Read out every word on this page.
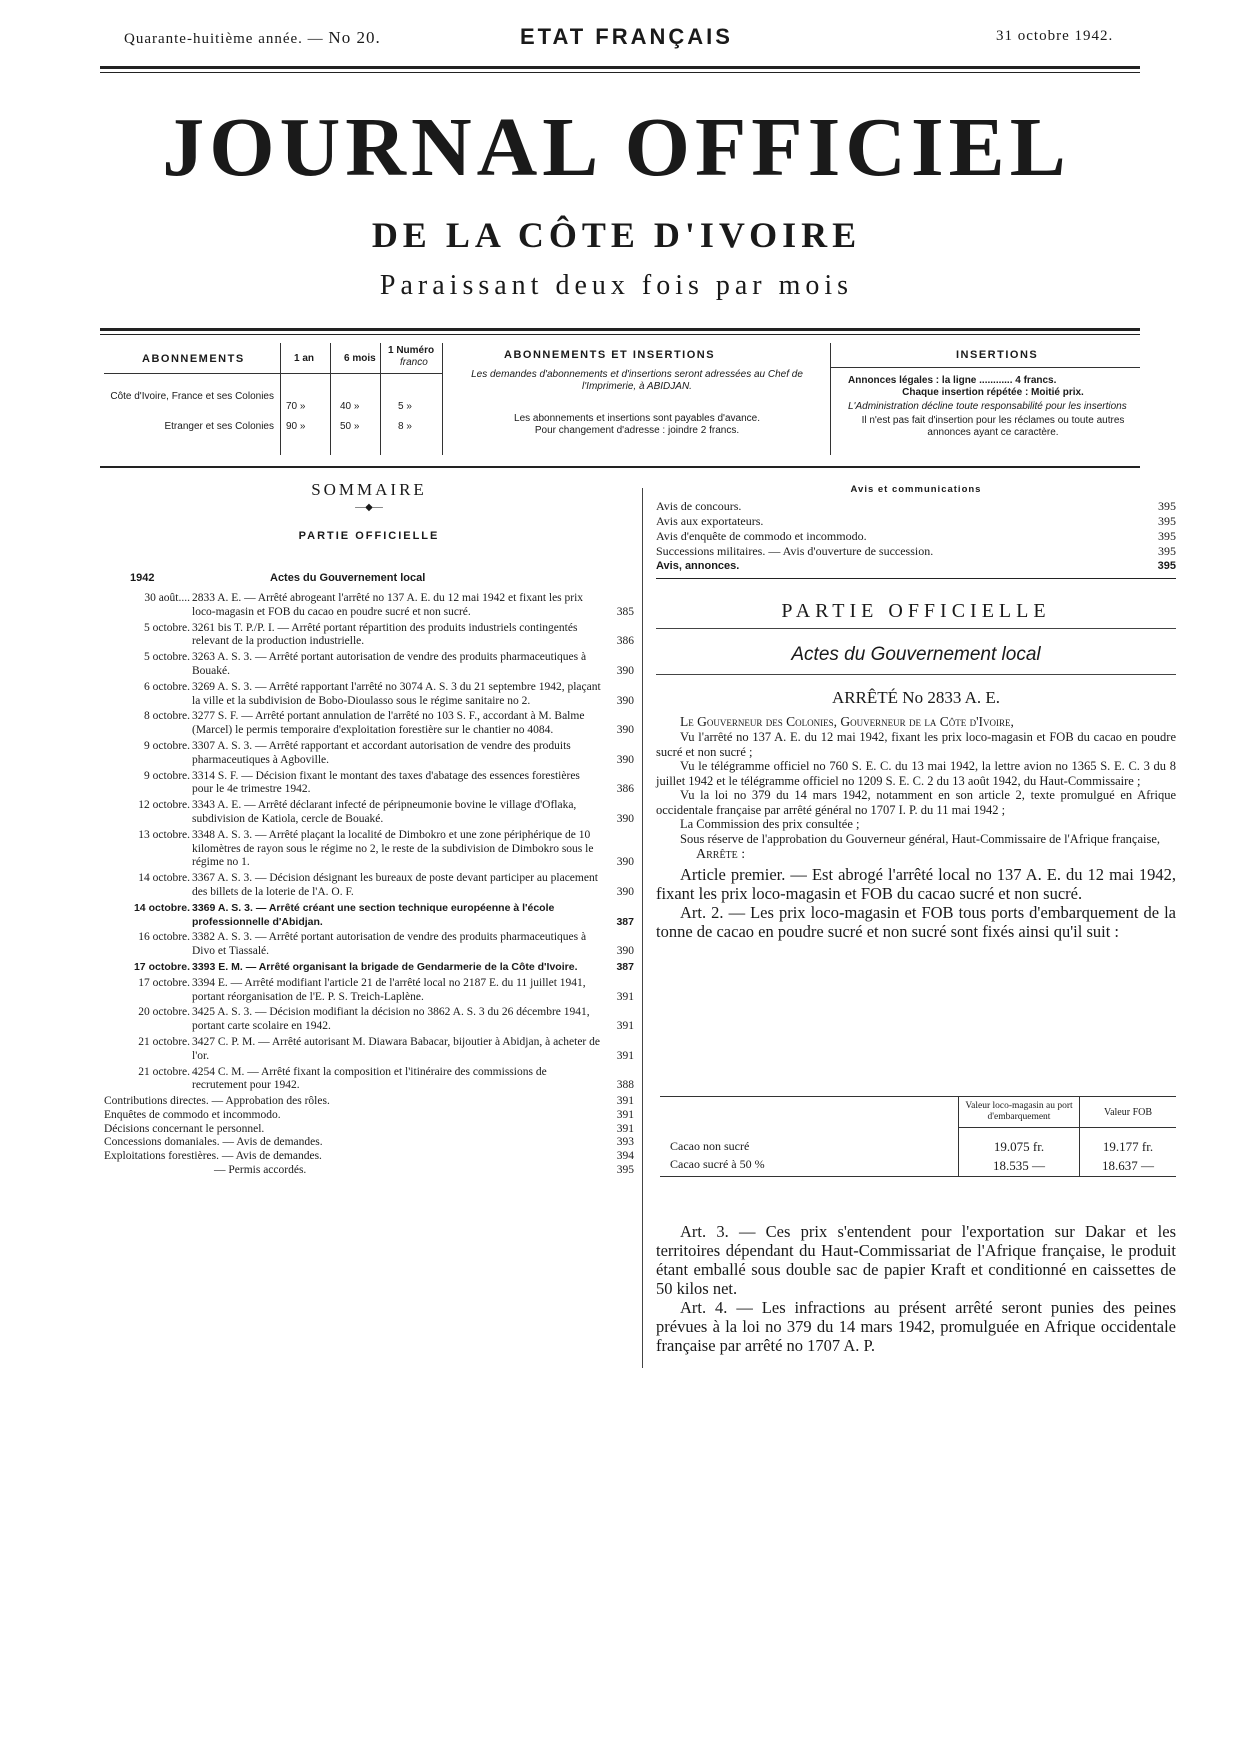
Quarante-huitième année. — No 20.	ETAT FRANÇAIS	31 octobre 1942.
JOURNAL OFFICIEL
DE LA CÔTE D'IVOIRE
Paraissant deux fois par mois
ABONNEMENTS	1 an	6 mois
1 Numéro
franco
Côte d'Ivoire, France et ses Colonies
70 »	40 »	5 »
Etranger et ses Colonies 90 »	50 »	8 »
ABONNEMENTS ET INSERTIONS
Les demandes d'abonnements et d'insertions seront adressées au Chef de l'Imprimerie, à ABIDJAN.
Les abonnements et insertions sont payables d'avance.
Pour changement d'adresse : joindre 2 francs.
INSERTIONS
Annonces légales : la ligne ............ 4 francs.
Chaque insertion répétée : Moitié prix.
L'Administration décline toute responsabilité pour les insertions
Il n'est pas fait d'insertion pour les réclames ou toute autres annonces ayant ce caractère.
SOMMAIRE
—◆—
PARTIE OFFICIELLE
1942	Actes du Gouvernement local
30 août.... 2833 A. E. — Arrêté abrogeant l'arrêté no 137 A. E. du 12 mai 1942 et fixant les prix loco-magasin et FOB du cacao en poudre sucré et non sucré.	385
5 octobre. 3261 bis T. P./P. I. — Arrêté portant répartition des produits industriels contingentés relevant de la production industrielle.	386
5 octobre. 3263 A. S. 3. — Arrêté portant autorisation de vendre des produits pharmaceutiques à Bouaké.	390
6 octobre. 3269 A. S. 3. — Arrêté rapportant l'arrêté no 3074 A. S. 3 du 21 septembre 1942, plaçant la ville et la subdivision de Bobo-Dioulasso sous le régime sanitaire no 2.	390
8 octobre. 3277 S. F. — Arrêté portant annulation de l'arrêté no 103 S. F., accordant à M. Balme (Marcel) le permis temporaire d'exploitation forestière sur le chantier no 4084.	390
9 octobre. 3307 A. S. 3. — Arrêté rapportant et accordant autorisation de vendre des produits pharmaceutiques à Agboville.	390
9 octobre. 3314 S. F. — Décision fixant le montant des taxes d'abatage des essences forestières pour le 4e trimestre 1942.	386
12 octobre. 3343 A. E. — Arrêté déclarant infecté de péripneumonie bovine le village d'Oflaka, subdivision de Katiola, cercle de Bouaké.	390
13 octobre. 3348 A. S. 3. — Arrêté plaçant la localité de Dimbokro et une zone périphérique de 10 kilomètres de rayon sous le régime no 2, le reste de la subdivision de Dimbokro sous le régime no 1.	390
14 octobre. 3367 A. S. 3. — Décision désignant les bureaux de poste devant participer au placement des billets de la loterie de l'A. O. F.	390
14 octobre. 3369 A. S. 3. — Arrêté créant une section technique européenne à l'école professionnelle d'Abidjan.	387
16 octobre. 3382 A. S. 3. — Arrêté portant autorisation de vendre des produits pharmaceutiques à Divo et Tiassalé.	390
17 octobre. 3393 E. M. — Arrêté organisant la brigade de Gendarmerie de la Côte d'Ivoire.	387
17 octobre. 3394 E. — Arrêté modifiant l'article 21 de l'arrêté local no 2187 E. du 11 juillet 1941, portant réorganisation de l'E. P. S. Treich-Laplène.	391
20 octobre. 3425 A. S. 3. — Décision modifiant la décision no 3862 A. S. 3 du 26 décembre 1941, portant carte scolaire en 1942.	391
21 octobre. 3427 C. P. M. — Arrêté autorisant M. Diawara Babacar, bijoutier à Abidjan, à acheter de l'or.	391
21 octobre. 4254 C. M. — Arrêté fixant la composition et l'itinéraire des commissions de recrutement pour 1942.	388
Contributions directes. — Approbation des rôles.	391
Enquêtes de commodo et incommodo.	391
Décisions concernant le personnel.	391
Concessions domaniales. — Avis de demandes.	393
Exploitations forestières. — Avis de demandes.	394
— Permis accordés.	395
Avis et communications
Avis de concours.	395
Avis aux exportateurs.	395
Avis d'enquête de commodo et incommodo.	395
Successions militaires. — Avis d'ouverture de succession.	395
Avis, annonces.	395
PARTIE OFFICIELLE
Actes du Gouvernement local
ARRÊTÉ No 2833 A. E.
Le Gouverneur des Colonies, Gouverneur de la Côte d'Ivoire,
Vu l'arrêté no 137 A. E. du 12 mai 1942, fixant les prix loco-magasin et FOB du cacao en poudre sucré et non sucré ;
Vu le télégramme officiel no 760 S. E. C. du 13 mai 1942, la lettre avion no 1365 S. E. C. 3 du 8 juillet 1942 et le télégramme officiel no 1209 S. E. C. 2 du 13 août 1942, du Haut-Commissaire ;
Vu la loi no 379 du 14 mars 1942, notamment en son article 2, texte promulgué en Afrique occidentale française par arrêté général no 1707 I. P. du 11 mai 1942 ;
La Commission des prix consultée ;
Sous réserve de l'approbation du Gouverneur général, Haut-Commissaire de l'Afrique française,
Arrête :
Article premier. — Est abrogé l'arrêté local no 137 A. E. du 12 mai 1942, fixant les prix loco-magasin et FOB du cacao sucré et non sucré.
Art. 2. — Les prix loco-magasin et FOB tous ports d'embarquement de la tonne de cacao en poudre sucré et non sucré sont fixés ainsi qu'il suit :
	Valeur loco-magasin au port d'embarquement	Valeur FOB

Cacao non sucré	19.075 fr.	19.177 fr.
Cacao sucré à 50 %	18.535 —	18.637 —
Art. 3. — Ces prix s'entendent pour l'exportation sur Dakar et les territoires dépendant du Haut-Commissariat de l'Afrique française, le produit étant emballé sous double sac de papier Kraft et conditionné en caissettes de 50 kilos net.
Art. 4. — Les infractions au présent arrêté seront punies des peines prévues à la loi no 379 du 14 mars 1942, promulguée en Afrique occidentale française par arrêté no 1707 A. P.
